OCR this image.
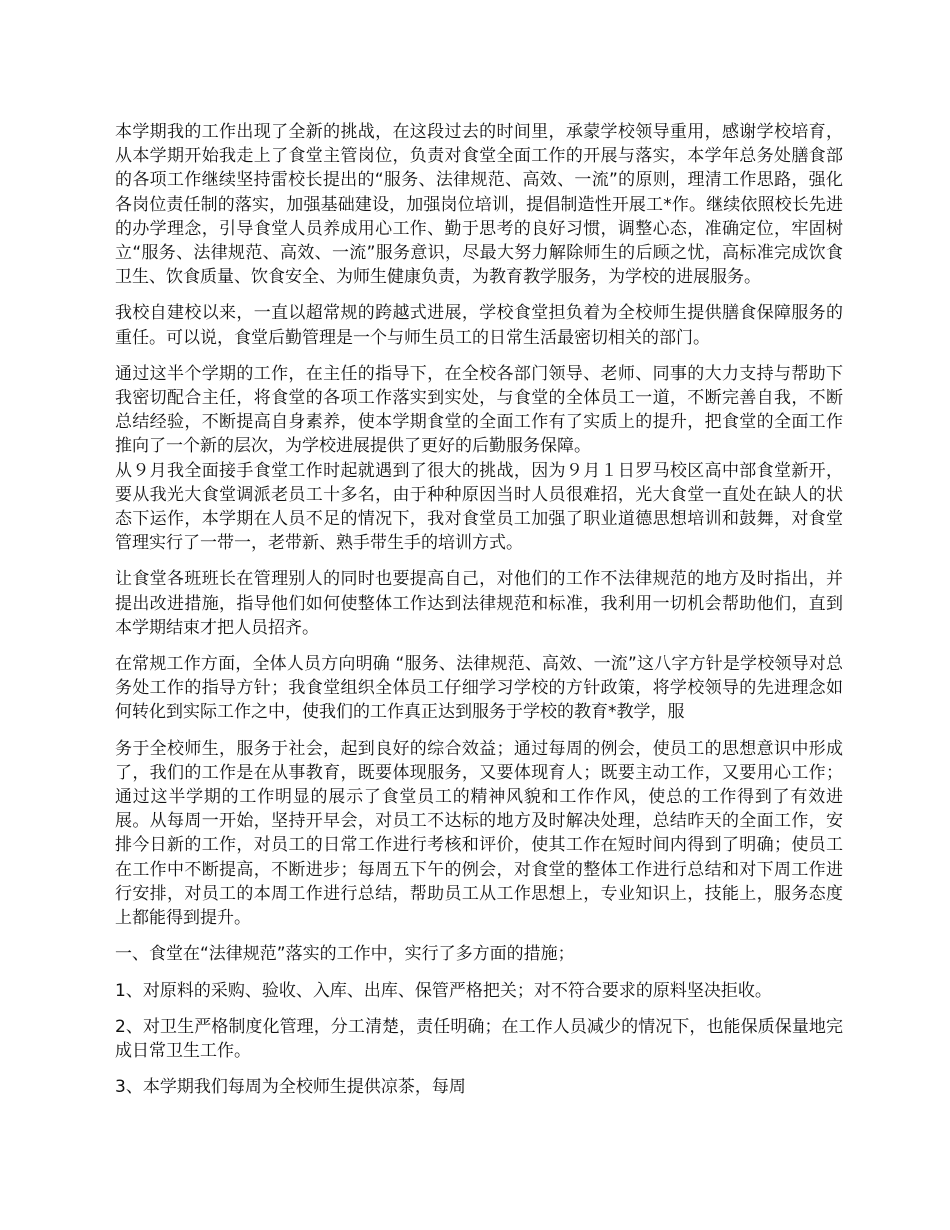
本学期我的工作出现了全新的挑战，在这段过去的时间里，承蒙学校领导重用，感谢学校培育，从本学期开始我走上了食堂主管岗位，负责对食堂全面工作的开展与落实，本学年总务处膳食部的各项工作继续坚持雷校长提出的“服务、法律规范、高效、一流”的原则，理清工作思路，强化各岗位责任制的落实，加强基础建设，加强岗位培训，提倡制造性开展工*作。继续依照校长先进的办学理念，引导食堂人员养成用心工作、勤于思考的良好习惯，调整心态，准确定位，牢固树立“服务、法律规范、高效、一流”服务意识，尽最大努力解除师生的后顾之忧，高标准完成饮食卫生、饮食质量、饮食安全、为师生健康负责，为教育教学服务，为学校的进展服务。

我校自建校以来，一直以超常规的跨越式进展，学校食堂担负着为全校师生提供膳食保障服务的重任。可以说，食堂后勤管理是一个与师生员工的日常生活最密切相关的部门。

通过这半个学期的工作，在主任的指导下，在全校各部门领导、老师、同事的大力支持与帮助下我密切配合主任，将食堂的各项工作落实到实处，与食堂的全体员工一道，不断完善自我，不断总结经验，不断提高自身素养，使本学期食堂的全面工作有了实质上的提升，把食堂的全面工作推向了一个新的层次，为学校进展提供了更好的后勤服务保障。

从９月我全面接手食堂工作时起就遇到了很大的挑战，因为９月１日罗马校区高中部食堂新开，要从我光大食堂调派老员工十多名，由于种种原因当时人员很难招，光大食堂一直处在缺人的状态下运作，本学期在人员不足的情况下，我对食堂员工加强了职业道德思想培训和鼓舞，对食堂管理实行了一带一，老带新、熟手带生手的培训方式。

让食堂各班班长在管理别人的同时也要提高自己，对他们的工作不法律规范的地方及时指出，并提出改进措施，指导他们如何使整体工作达到法律规范和标准，我利用一切机会帮助他们，直到本学期结束才把人员招齐。

在常规工作方面，全体人员方向明确 “服务、法律规范、高效、一流”这八字方针是学校领导对总务处工作的指导方针；我食堂组织全体员工仔细学习学校的方针政策，将学校领导的先进理念如何转化到实际工作之中，使我们的工作真正达到服务于学校的教育*教学，服

务于全校师生，服务于社会，起到良好的综合效益；通过每周的例会，使员工的思想意识中形成了，我们的工作是在从事教育，既要体现服务，又要体现育人；既要主动工作，又要用心工作；通过这半学期的工作明显的展示了食堂员工的精神风貌和工作作风，使总的工作得到了有效进展。从每周一开始，坚持开早会，对员工不达标的地方及时解决处理，总结昨天的全面工作，安排今日新的工作，对员工的日常工作进行考核和评价，使其工作在短时间内得到了明确；使员工在工作中不断提高，不断进步；每周五下午的例会，对食堂的整体工作进行总结和对下周工作进行安排，对员工的本周工作进行总结，帮助员工从工作思想上，专业知识上，技能上，服务态度上都能得到提升。

一、食堂在“法律规范”落实的工作中，实行了多方面的措施；

1、对原料的采购、验收、入库、出库、保管严格把关；对不符合要求的原料坚决拒收。

2、对卫生严格制度化管理，分工清楚，责任明确；在工作人员减少的情况下，也能保质保量地完成日常卫生工作。

3、本学期我们每周为全校师生提供凉茶，每周
